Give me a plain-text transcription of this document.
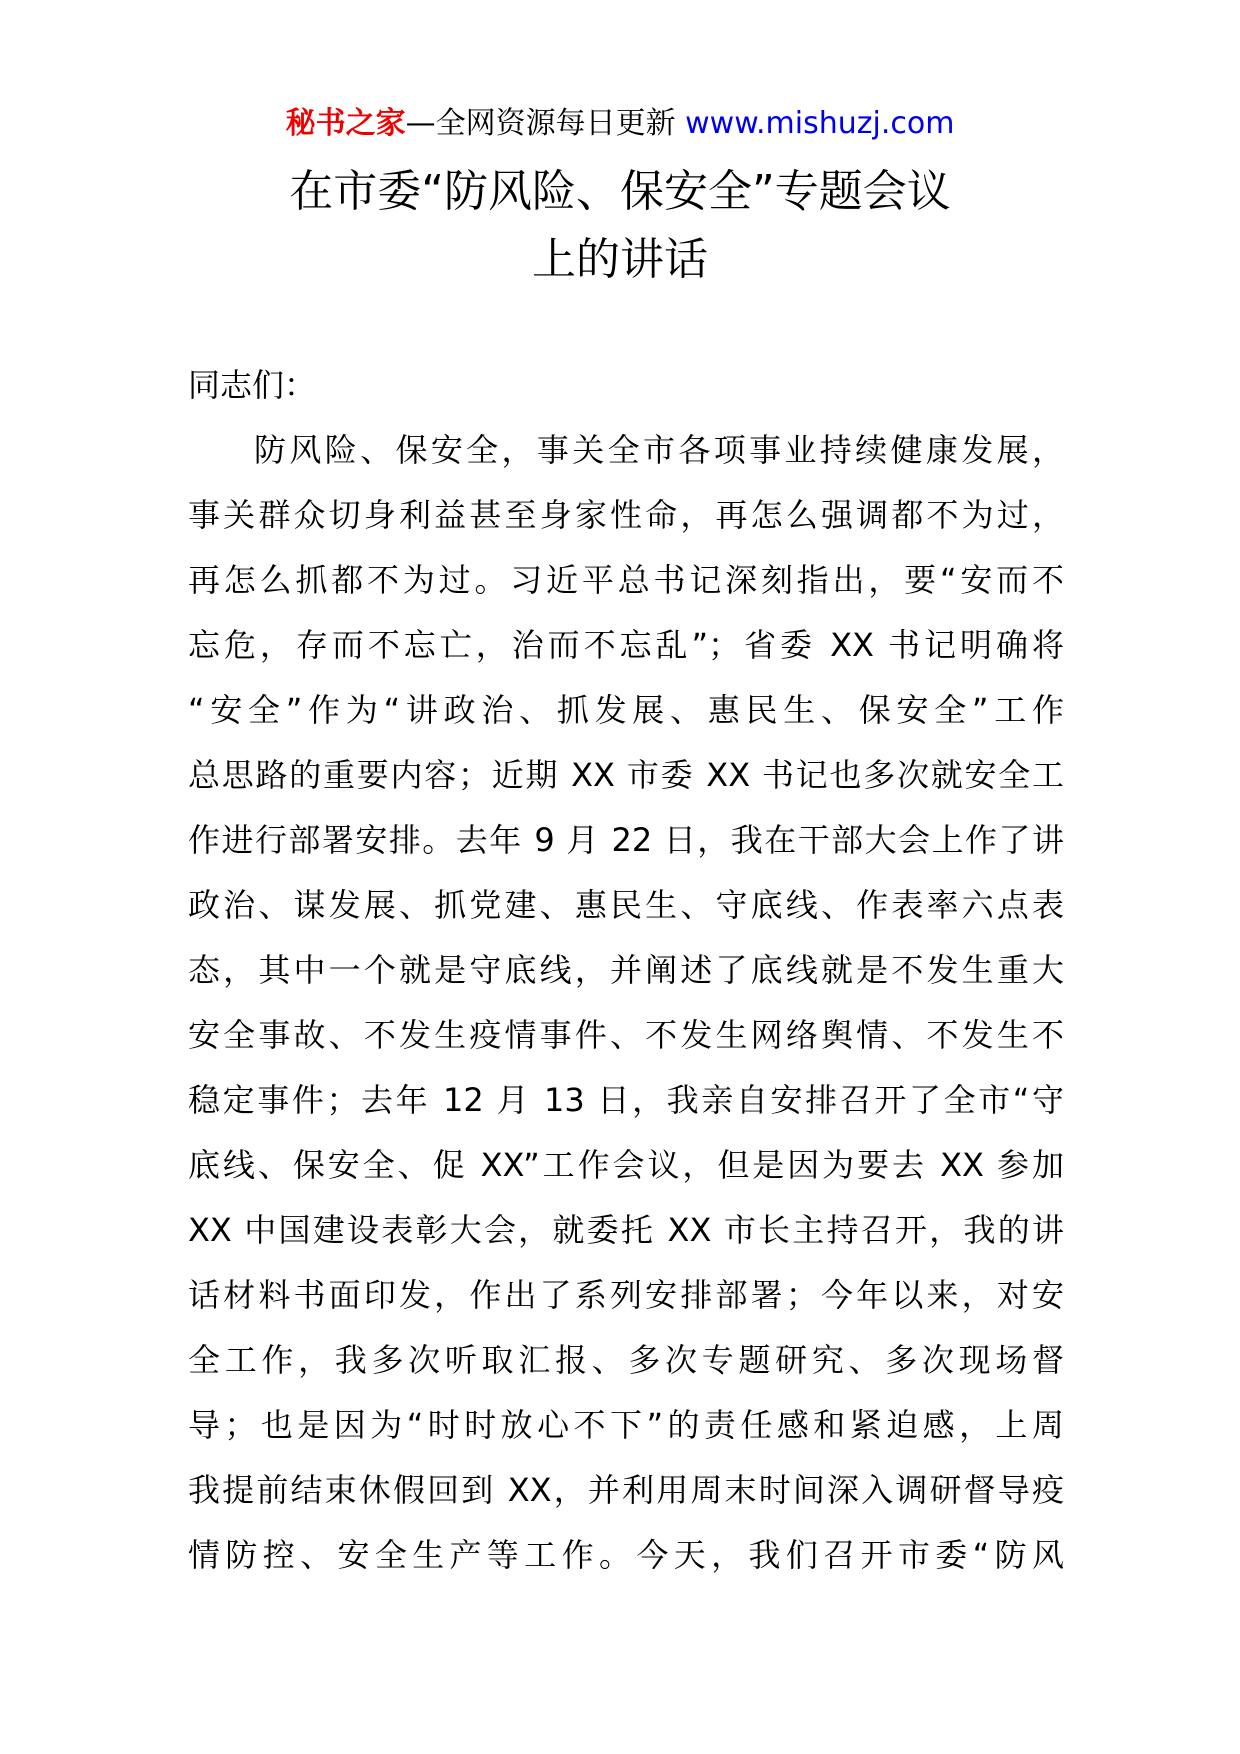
秘书之家—全网资源每日更新 www.mishuzj.com
在市委“防风险、保安全”专题会议
上的讲话
同志们：
防风险、保安全，事关全市各项事业持续健康发展，
事关群众切身利益甚至身家性命，再怎么强调都不为过，
再怎么抓都不为过。习近平总书记深刻指出，要“安而不
忘危，存而不忘亡，治而不忘乱”；省委 XX 书记明确将
“安全”作为“讲政治、抓发展、惠民生、保安全”工作
总思路的重要内容；近期 XX 市委 XX 书记也多次就安全工
作进行部署安排。去年 9 月 22 日，我在干部大会上作了讲
政治、谋发展、抓党建、惠民生、守底线、作表率六点表
态，其中一个就是守底线，并阐述了底线就是不发生重大
安全事故、不发生疫情事件、不发生网络舆情、不发生不
稳定事件；去年 12 月 13 日，我亲自安排召开了全市“守
底线、保安全、促 XX”工作会议，但是因为要去 XX 参加
XX 中国建设表彰大会，就委托 XX 市长主持召开，我的讲
话材料书面印发，作出了系列安排部署；今年以来，对安
全工作，我多次听取汇报、多次专题研究、多次现场督
导；也是因为“时时放心不下”的责任感和紧迫感，上周
我提前结束休假回到 XX，并利用周末时间深入调研督导疫
情防控、安全生产等工作。今天，我们召开市委“防风
